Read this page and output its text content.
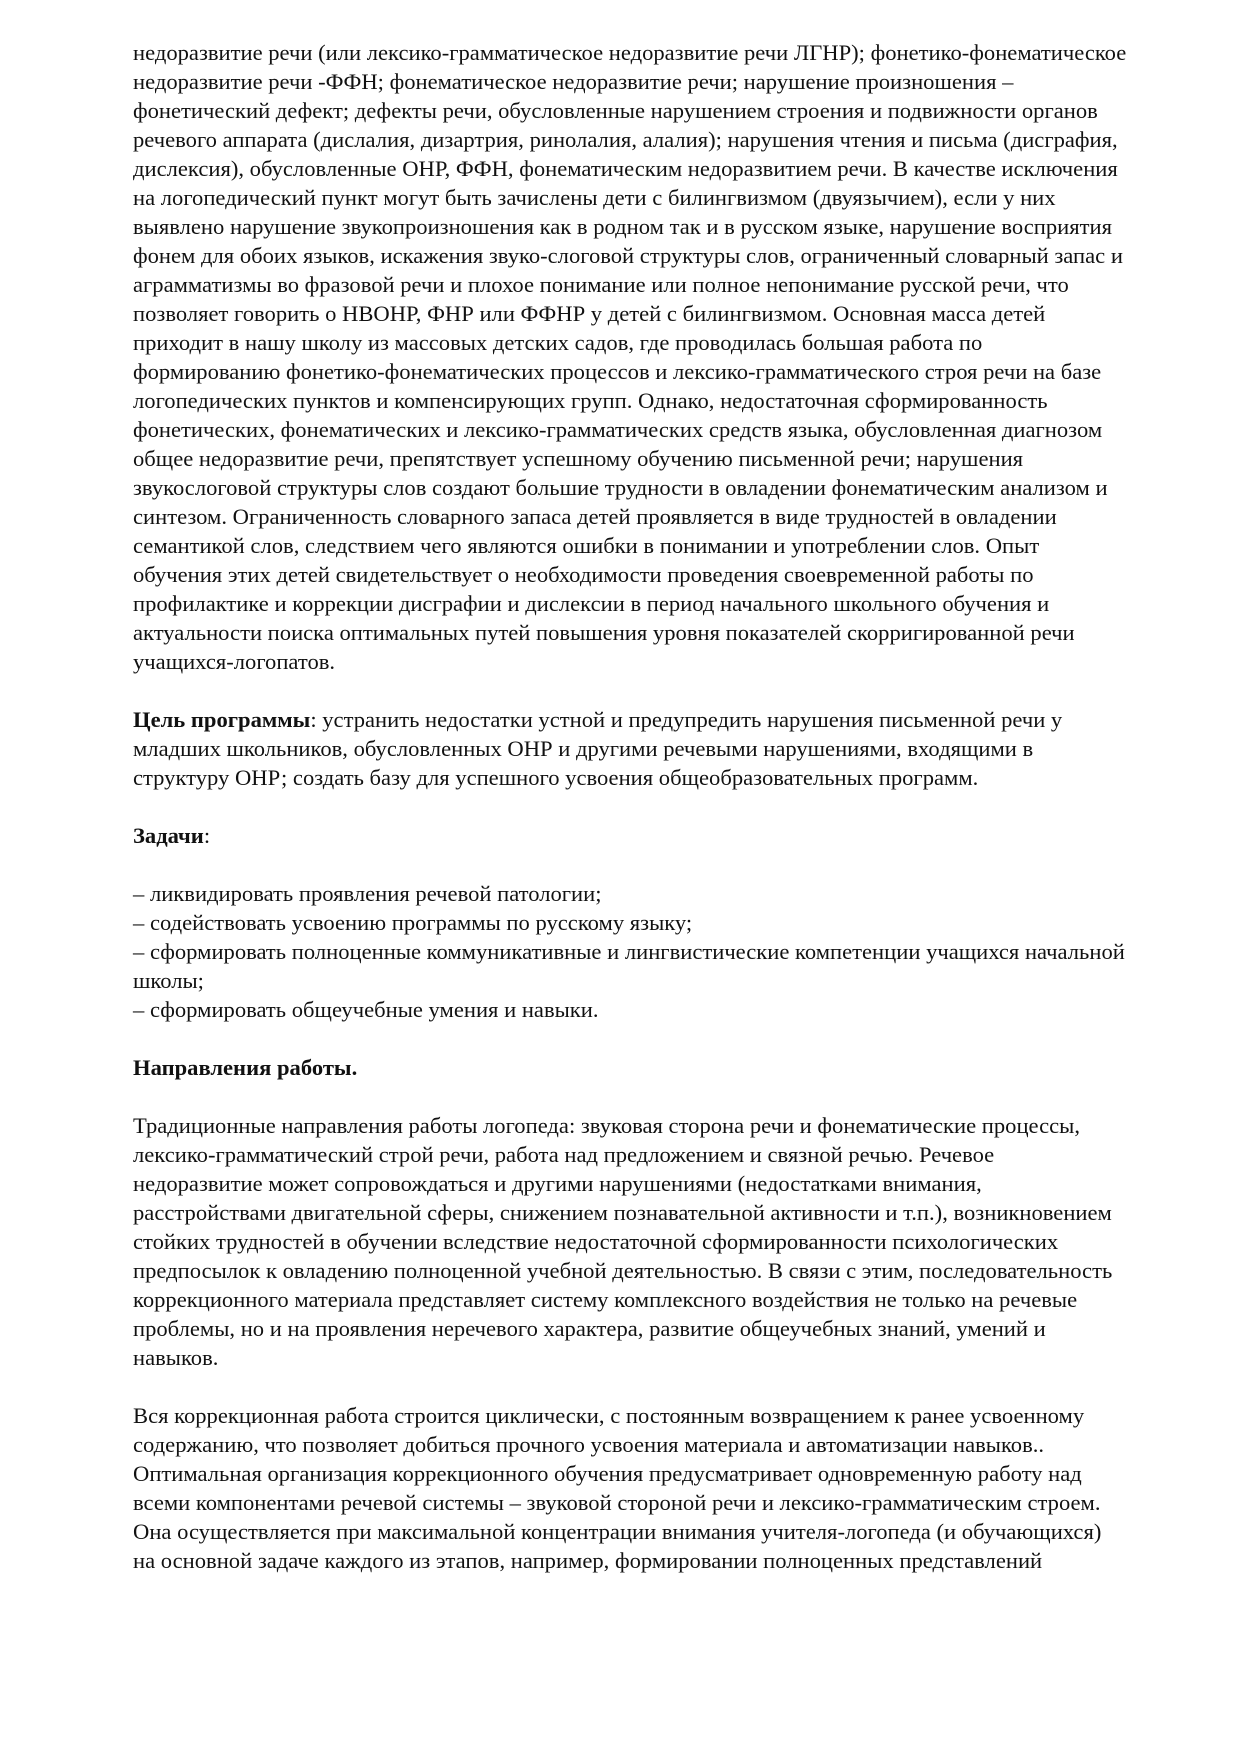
недоразвитие речи (или лексико-грамматическое недоразвитие речи ЛГНР); фонетико-фонематическое недоразвитие речи -ФФН; фонематическое недоразвитие речи; нарушение произношения – фонетический дефект; дефекты речи, обусловленные нарушением строения и подвижности органов речевого аппарата (дислалия, дизартрия, ринолалия, алалия); нарушения чтения и письма (дисграфия, дислексия), обусловленные ОНР, ФФН, фонематическим недоразвитием речи. В качестве исключения на логопедический пункт могут быть зачислены дети с билингвизмом (двуязычием), если у них выявлено нарушение звукопроизношения как в родном так и в русском языке, нарушение восприятия фонем для обоих языков, искажения звуко-слоговой структуры слов, ограниченный словарный запас и аграмматизмы во фразовой речи и плохое понимание или полное непонимание русской речи, что позволяет говорить о НВОНР, ФНР или ФФНР у детей с билингвизмом. Основная масса детей приходит в нашу школу из массовых детских садов, где проводилась большая работа по формированию фонетико-фонематических процессов и лексико-грамматического строя речи на базе логопедических пунктов и компенсирующих групп. Однако, недостаточная сформированность фонетических, фонематических и лексико-грамматических средств языка, обусловленная диагнозом общее недоразвитие речи, препятствует успешному обучению письменной речи; нарушения звукослоговой структуры слов создают большие трудности в овладении фонематическим анализом и синтезом. Ограниченность словарного запаса детей проявляется в виде трудностей в овладении семантикой слов, следствием чего являются ошибки в понимании и употреблении слов. Опыт обучения этих детей свидетельствует о необходимости проведения своевременной работы по профилактике и коррекции дисграфии и дислексии в период начального школьного обучения и актуальности поиска оптимальных путей повышения уровня показателей скорригированной речи учащихся-логопатов.

Цель программы: устранить недостатки устной и предупредить нарушения письменной речи у младших школьников, обусловленных ОНР и другими речевыми нарушениями, входящими в структуру ОНР; создать базу для успешного усвоения общеобразовательных программ.

Задачи:

– ликвидировать проявления речевой патологии;
– содействовать усвоению программы по русскому языку;
– сформировать полноценные коммуникативные и лингвистические компетенции учащихся начальной школы;
– сформировать общеучебные умения и навыки.

Направления работы.

Традиционные направления работы логопеда: звуковая сторона речи и фонематические процессы, лексико-грамматический строй речи, работа над предложением и связной речью. Речевое недоразвитие может сопровождаться и другими нарушениями (недостатками внимания, расстройствами двигательной сферы, снижением познавательной активности и т.п.), возникновением стойких трудностей в обучении вследствие недостаточной сформированности психологических предпосылок к овладению полноценной учебной деятельностью. В связи с этим, последовательность коррекционного материала представляет систему комплексного воздействия не только на речевые проблемы, но и на проявления неречевого характера, развитие общеучебных знаний, умений и навыков.

Вся коррекционная работа строится циклически, с постоянным возвращением к ранее усвоенному содержанию, что позволяет добиться прочного усвоения материала и автоматизации навыков.. Оптимальная организация коррекционного обучения предусматривает одновременную работу над всеми компонентами речевой системы – звуковой стороной речи и лексико-грамматическим строем. Она осуществляется при максимальной концентрации внимания учителя-логопеда (и обучающихся) на основной задаче каждого из этапов, например, формировании полноценных представлений
